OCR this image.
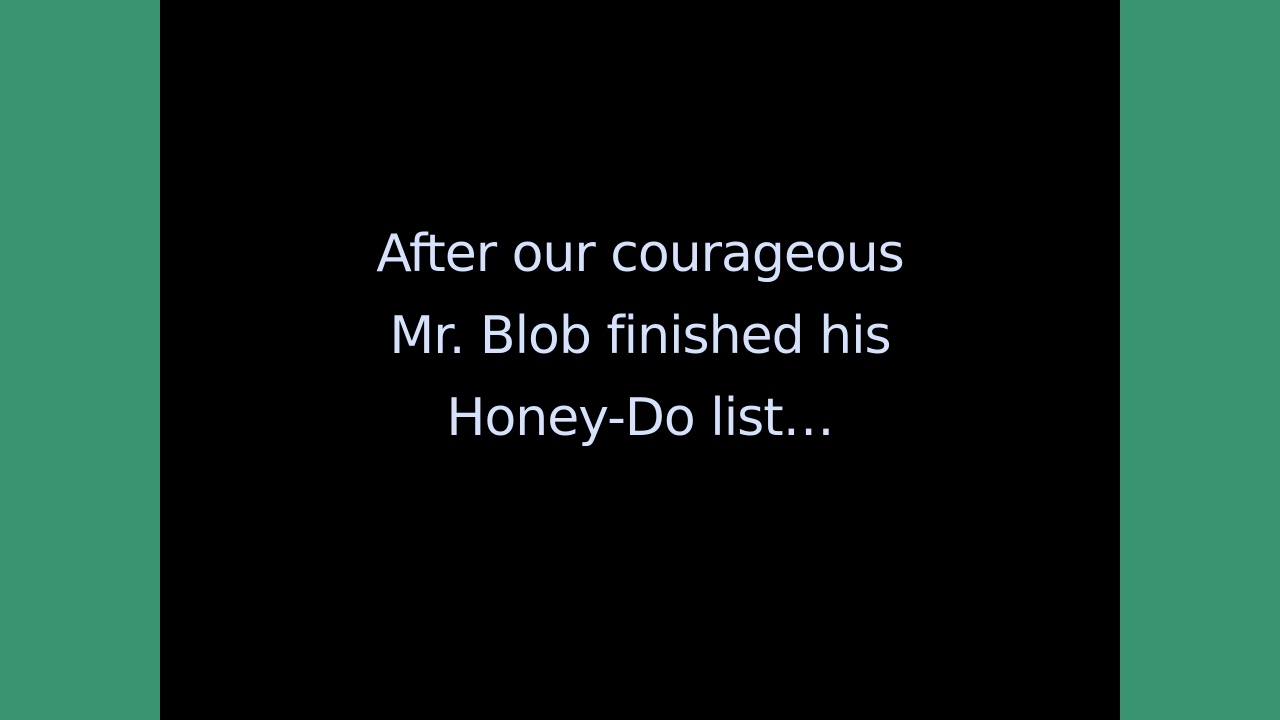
After our courageous
Mr. Blob finished his
Honey-Do list…
